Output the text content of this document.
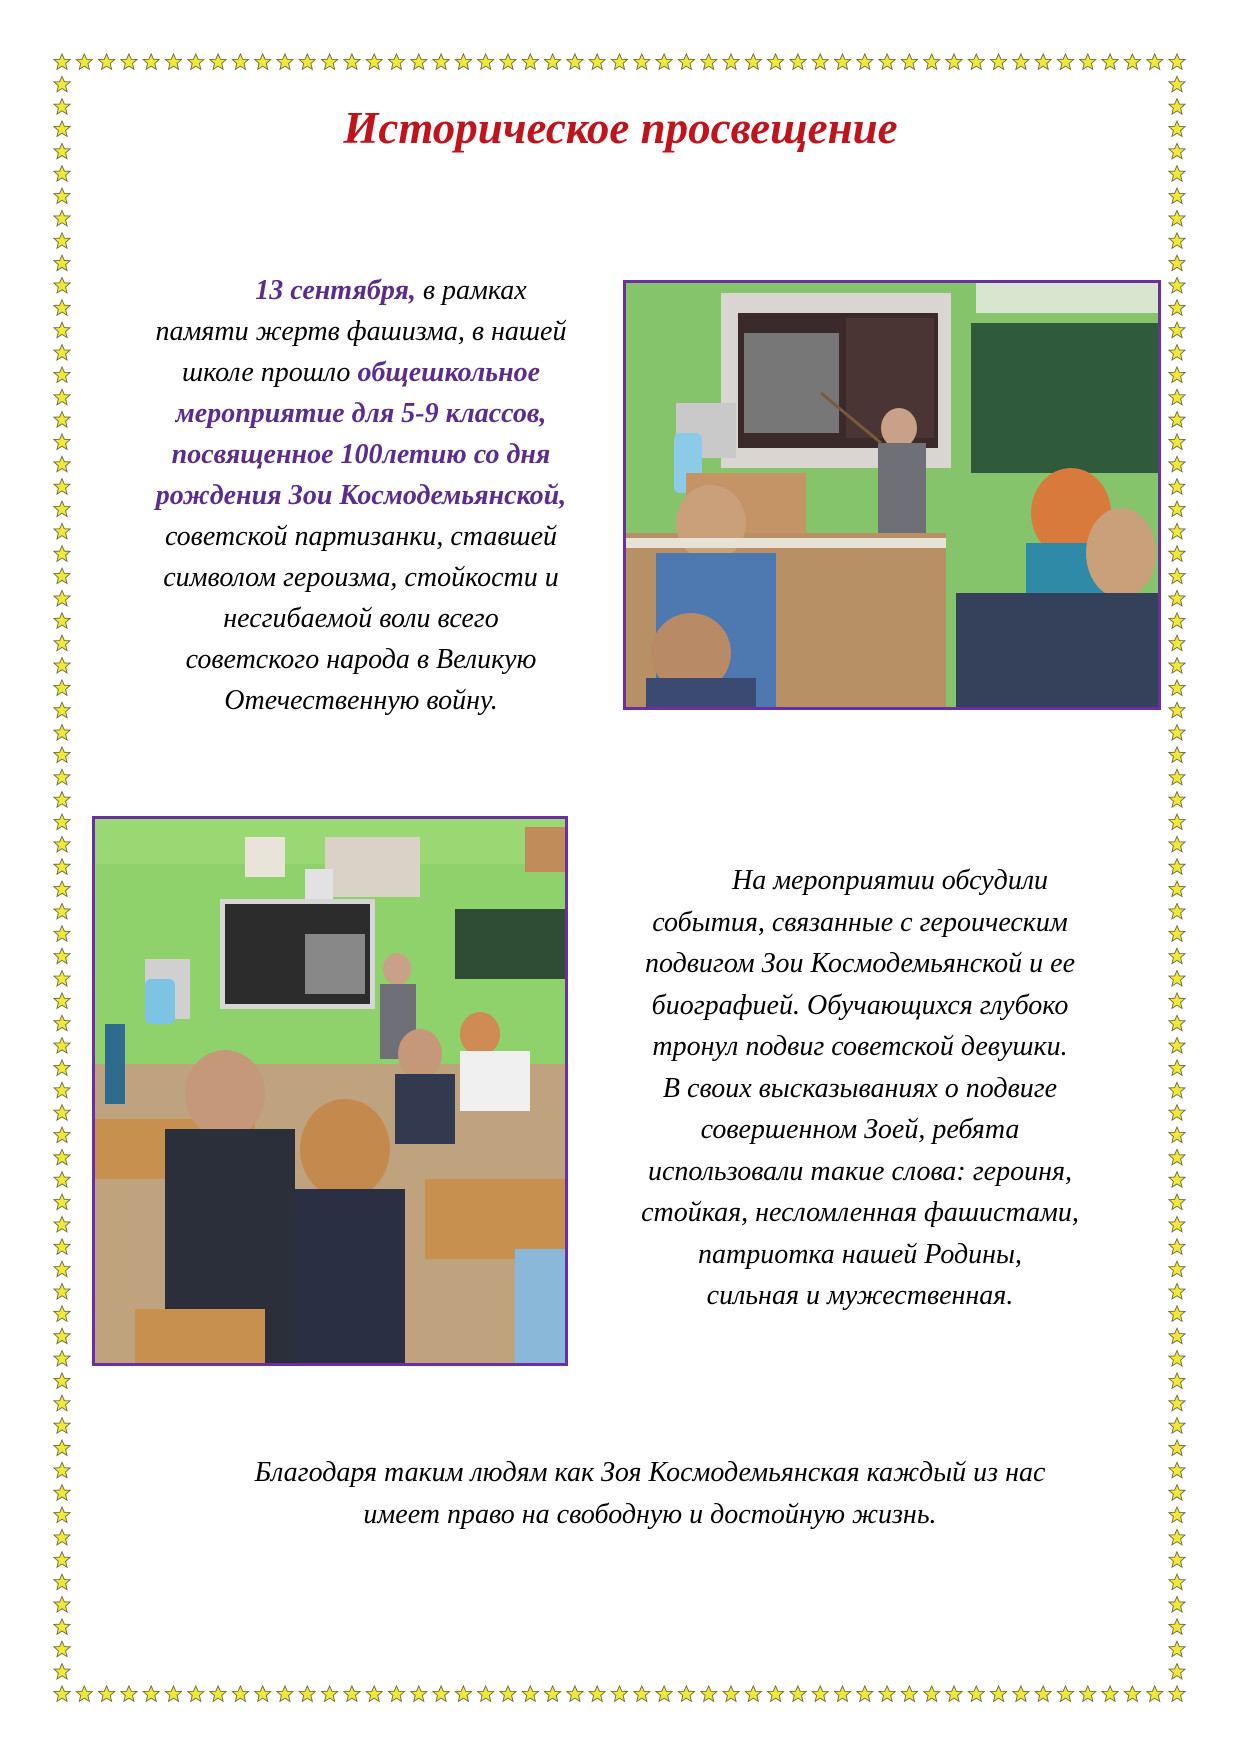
Историческое просвещение
13 сентября, в рамках
памяти жертв фашизма, в нашей
школе прошло общешкольное
мероприятие для 5-9 классов,
посвященное 100летию со дня
рождения Зои Космодемьянской,
советской партизанки, ставшей
символом героизма, стойкости и
несгибаемой воли всего
советского народа в Великую
Отечественную войну.
На мероприятии обсудили
события, связанные с героическим
подвигом Зои Космодемьянской и ее
биографией. Обучающихся глубоко
тронул подвиг советской девушки.
В своих высказываниях о подвиге
совершенном Зоей, ребята
использовали такие слова: героиня,
стойкая, несломленная фашистами,
патриотка нашей Родины,
сильная и мужественная.
Благодаря таким людям как Зоя Космодемьянская каждый из нас
имеет право на свободную и достойную жизнь.
